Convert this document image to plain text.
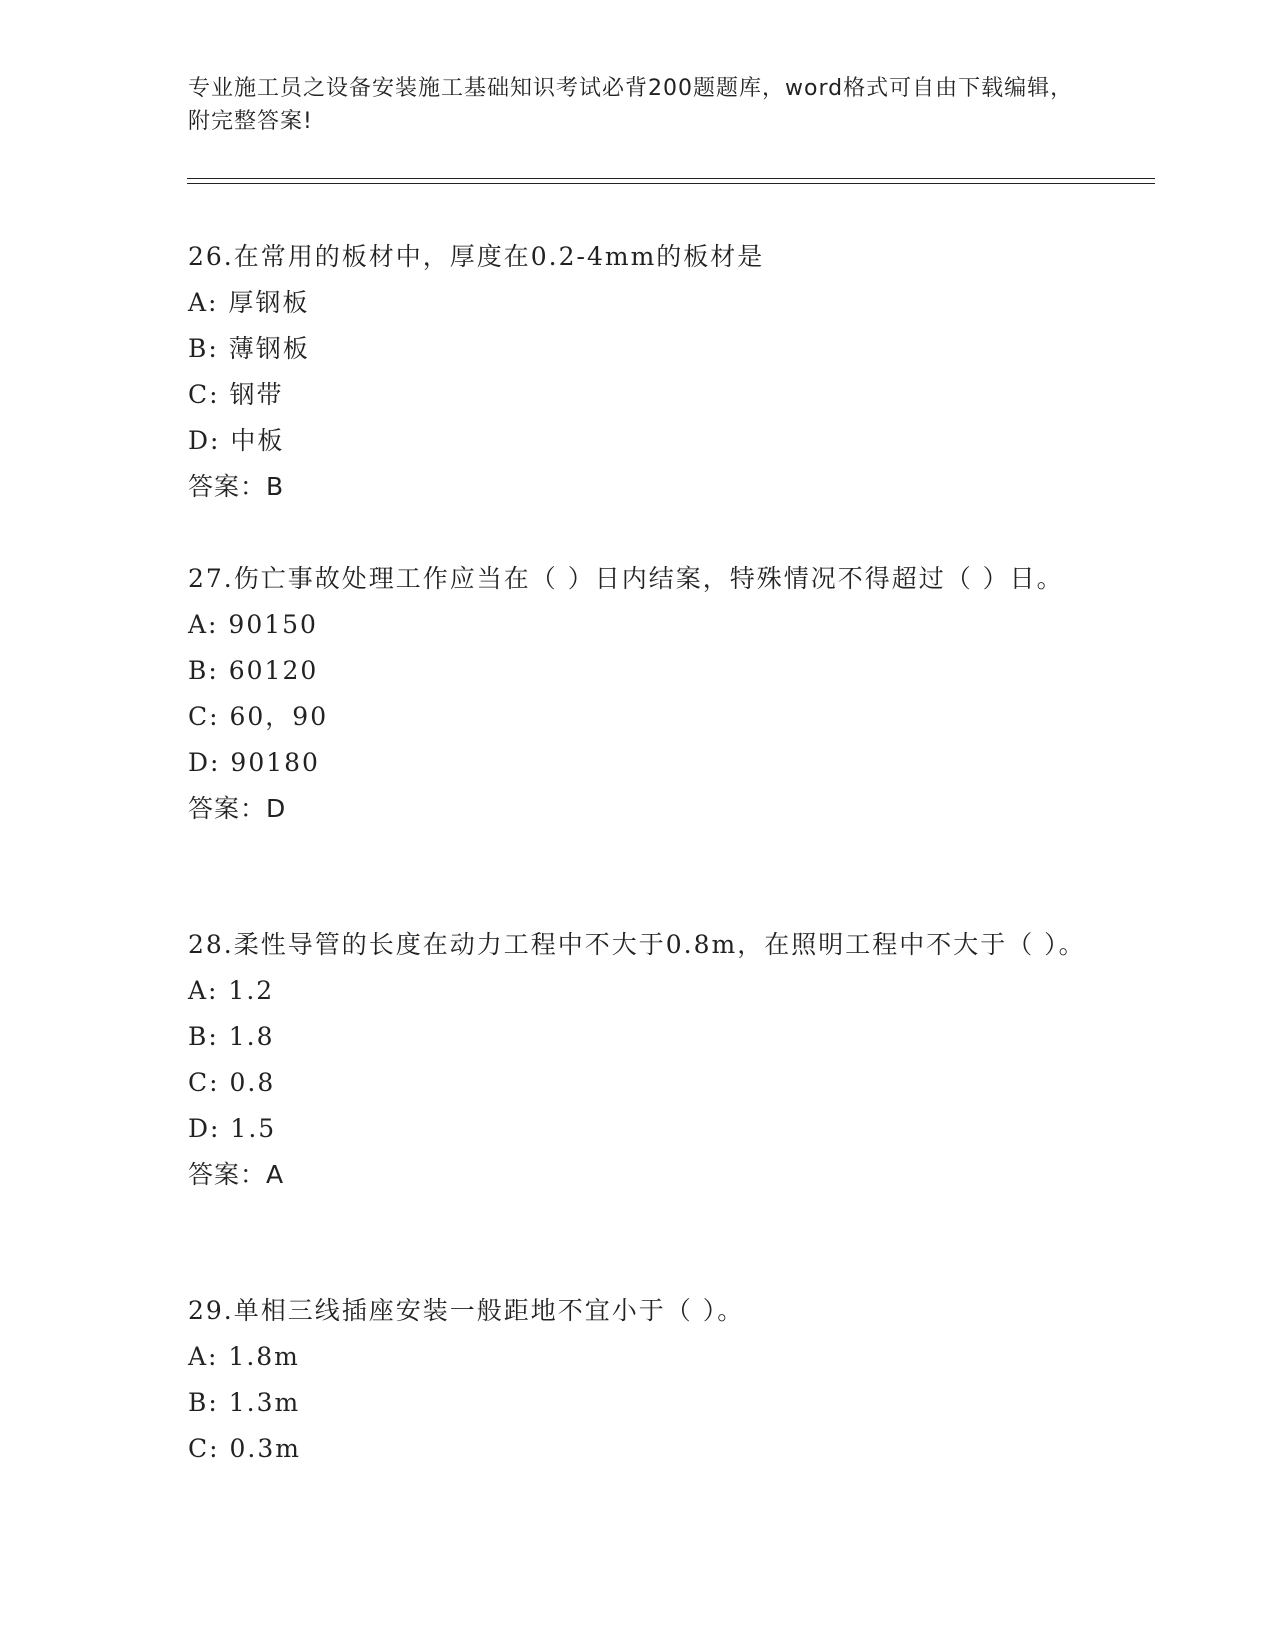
专业施工员之设备安装施工基础知识考试必背200题题库，word格式可自由下载编辑，附完整答案!
26.在常用的板材中，厚度在0.2-4mm的板材是
A: 厚钢板
B: 薄钢板
C: 钢带
D: 中板
答案：B
27.伤亡事故处理工作应当在（ ）日内结案，特殊情况不得超过（ ）日。
A: 90150
B: 60120
C: 60，90
D: 90180
答案：D
28.柔性导管的长度在动力工程中不大于0.8m，在照明工程中不大于（ ）。
A: 1.2
B: 1.8
C: 0.8
D: 1.5
答案：A
29.单相三线插座安装一般距地不宜小于（ ）。
A: 1.8m
B: 1.3m
C: 0.3m
